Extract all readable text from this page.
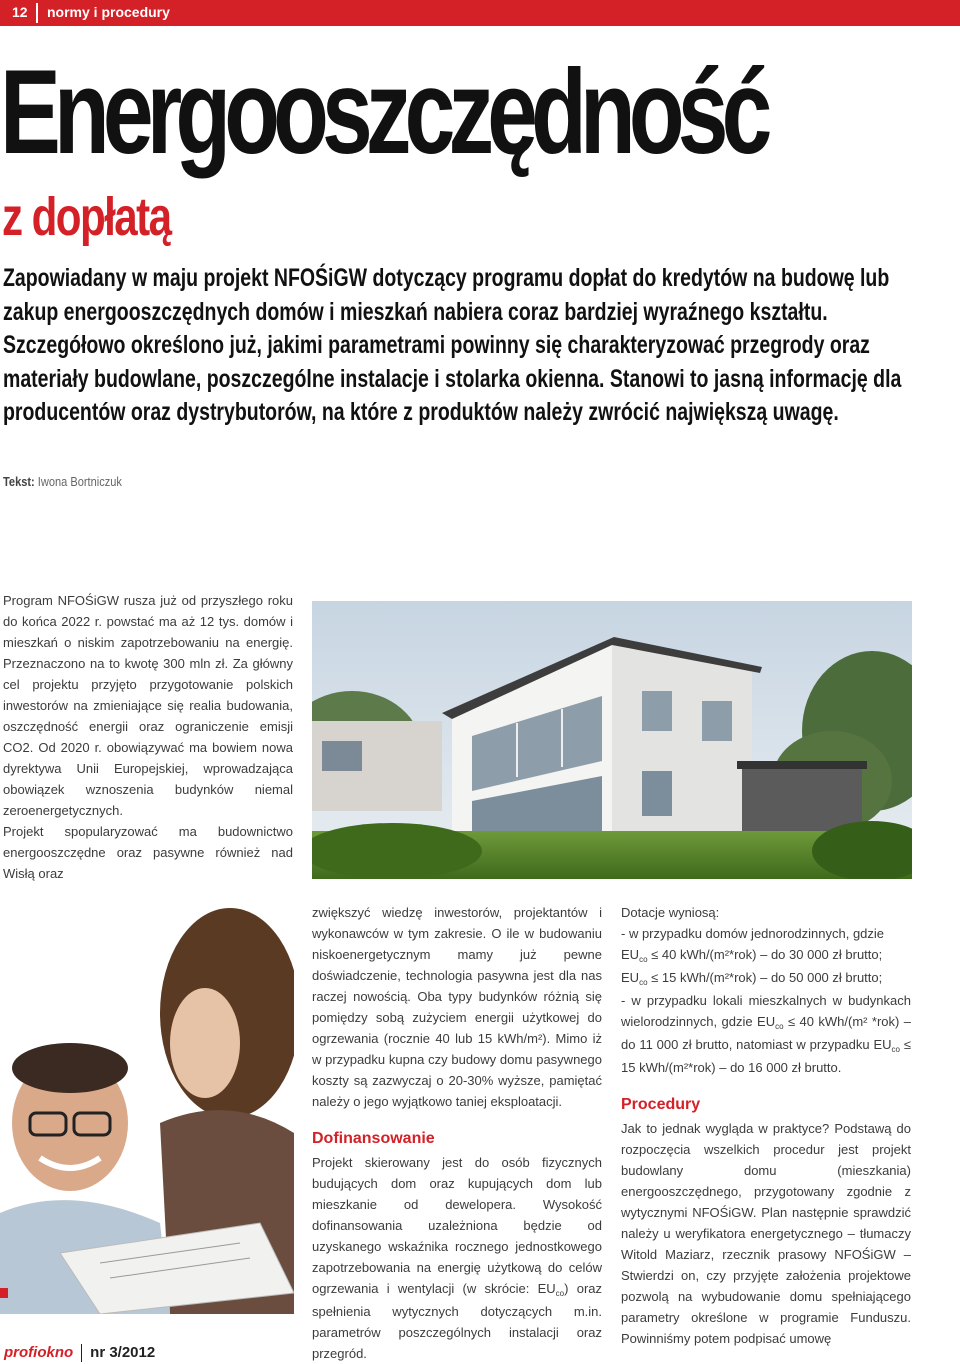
12 normy i procedury
Energooszczędność
z dopłatą
Zapowiadany w maju projekt NFOŚiGW dotyczący programu dopłat do kredytów na budowę lub zakup energooszczędnych domów i mieszkań nabiera coraz bardziej wyraźnego kształtu. Szczegółowo określono już, jakimi parametrami powinny się charakteryzować przegrody oraz materiały budowlane, poszczególne instalacje i stolarka okienna. Stanowi to jasną informację dla producentów oraz dystrybutorów, na które z produktów należy zwrócić największą uwagę.
Tekst: Iwona Bortniczuk

Program NFOŚiGW rusza już od przyszłego roku do końca 2022 r. powstać ma aż 12 tys. domów i mieszkań o niskim zapotrzebowaniu na energię. Przeznaczono na to kwotę 300 mln zł. Za główny cel projektu przyjęto przygotowanie polskich inwestorów na zmieniające się realia budowania, oszczędność energii oraz ograniczenie emisji CO2. Od 2020 r. obowiązywać ma bowiem nowa dyrektywa Unii Europejskiej, wprowadzająca obowiązek wznoszenia budynków niemal zeroenergetycznych.

Projekt spopularyzować ma budownictwo energooszczędne oraz pasywne również nad Wisłą oraz

zwiększyć wiedzę inwestorów, projektantów i wykonawców w tym zakresie. O ile w budowaniu niskoenergetycznym mamy już pewne doświadczenie, technologia pasywna jest dla nas raczej nowością. Oba typy budynków różnią się pomiędzy sobą zużyciem energii użytkowej do ogrzewania (rocznie 40 lub 15 kWh/m²). Mimo iż w przypadku kupna czy budowy domu pasywnego koszty są zazwyczaj o 20-30% wyższe, pamiętać należy o jego wyjątkowo taniej eksploatacji.

Dofinansowanie

Projekt skierowany jest do osób fizycznych budujących dom oraz kupujących dom lub mieszkanie od dewelopera. Wysokość dofinansowania uzależniona będzie od uzyskanego wskaźnika rocznego jednostkowego zapotrzebowania na energię użytkową do celów ogrzewania i wentylacji (w skrócie: $EU_{co}$) oraz spełnienia wytycznych dotyczących m.in. parametrów poszczególnych instalacji oraz przegród.

Dotacje wyniosą:

- w przypadku domów jednorodzinnych, gdzie

$EU_{co} \le 40$ kWh/(m²*rok) – do 30 000 zł brutto;

$EU_{co} \le 15$ kWh/(m²*rok) – do 50 000 zł brutto;

- w przypadku lokali mieszkalnych w budynkach wielorodzinnych, gdzie $EU_{co} \le 40$ kWh/(m² *rok) – do 11 000 zł brutto, natomiast w przypadku $EU_{co} \le 15$ kWh/(m²*rok) – do 16 000 zł brutto.

Procedury

Jak to jednak wygląda w praktyce? Podstawą do rozpoczęcia wszelkich procedur jest projekt budowlany domu (mieszkania) energooszczędnego, przygotowany zgodnie z wytycznymi NFOŚiGW. Plan następnie sprawdzić należy u weryfikatora energetycznego – tłumaczy Witold Maziarz, rzecznik prasowy NFOŚiGW – Stwierdzi on, czy przyjęte założenia projektowe pozwolą na wybudowanie domu spełniającego parametry określone w programie Funduszu. Powinniśmy potem podpisać umowę

profiokno nr 3/2012
